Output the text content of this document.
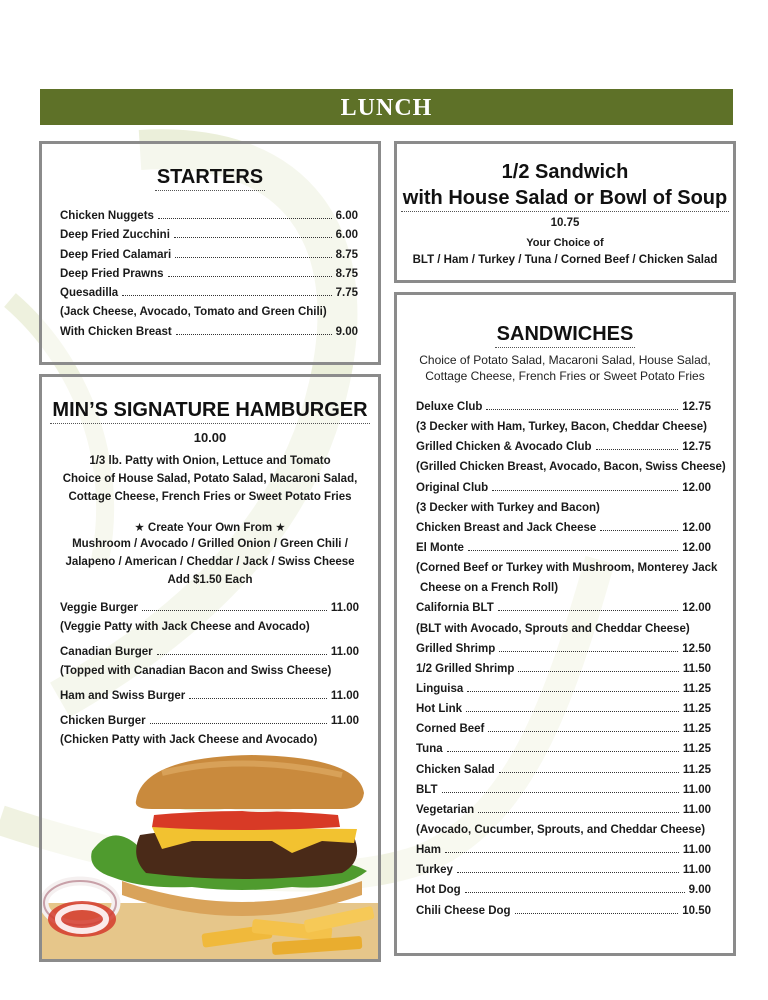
LUNCH
STARTERS
Chicken Nuggets	6.00
Deep Fried Zucchini	6.00
Deep Fried Calamari	8.75
Deep Fried Prawns	8.75
Quesadilla	7.75
(Jack Cheese, Avocado, Tomato and Green Chili)
With Chicken Breast	9.00
1/2 Sandwich
with House Salad or Bowl of Soup
10.75
Your Choice of
BLT / Ham / Turkey / Tuna / Corned Beef / Chicken Salad
MIN’S SIGNATURE HAMBURGER
10.00
1/3 lb. Patty with Onion, Lettuce and Tomato
Choice of House Salad, Potato Salad, Macaroni Salad,
Cottage Cheese, French Fries or Sweet Potato Fries
★ Create Your Own From ★
Mushroom / Avocado / Grilled Onion / Green Chili /
Jalapeno / American / Cheddar / Jack / Swiss Cheese
Add $1.50 Each
Veggie Burger	11.00
(Veggie Patty with Jack Cheese and Avocado)
Canadian Burger	11.00
(Topped with Canadian Bacon and Swiss Cheese)
Ham and Swiss Burger	11.00
Chicken Burger	11.00
(Chicken Patty with Jack Cheese and Avocado)
SANDWICHES
Choice of Potato Salad, Macaroni Salad, House Salad,
Cottage Cheese, French Fries or Sweet Potato Fries
Deluxe Club	12.75
(3 Decker with Ham, Turkey, Bacon, Cheddar Cheese)
Grilled Chicken & Avocado Club	12.75
(Grilled Chicken Breast, Avocado, Bacon, Swiss Cheese)
Original Club	12.00
(3 Decker with Turkey and Bacon)
Chicken Breast and Jack Cheese	12.00
El Monte	12.00
(Corned Beef or Turkey with Mushroom, Monterey Jack
Cheese on a French Roll)
California BLT	12.00
(BLT with Avocado, Sprouts and Cheddar Cheese)
Grilled Shrimp	12.50
1/2 Grilled Shrimp	11.50
Linguisa	11.25
Hot Link	11.25
Corned Beef	11.25
Tuna	11.25
Chicken Salad	11.25
BLT	11.00
Vegetarian	11.00
(Avocado, Cucumber, Sprouts, and Cheddar Cheese)
Ham	11.00
Turkey	11.00
Hot Dog	9.00
Chili Cheese Dog	10.50
